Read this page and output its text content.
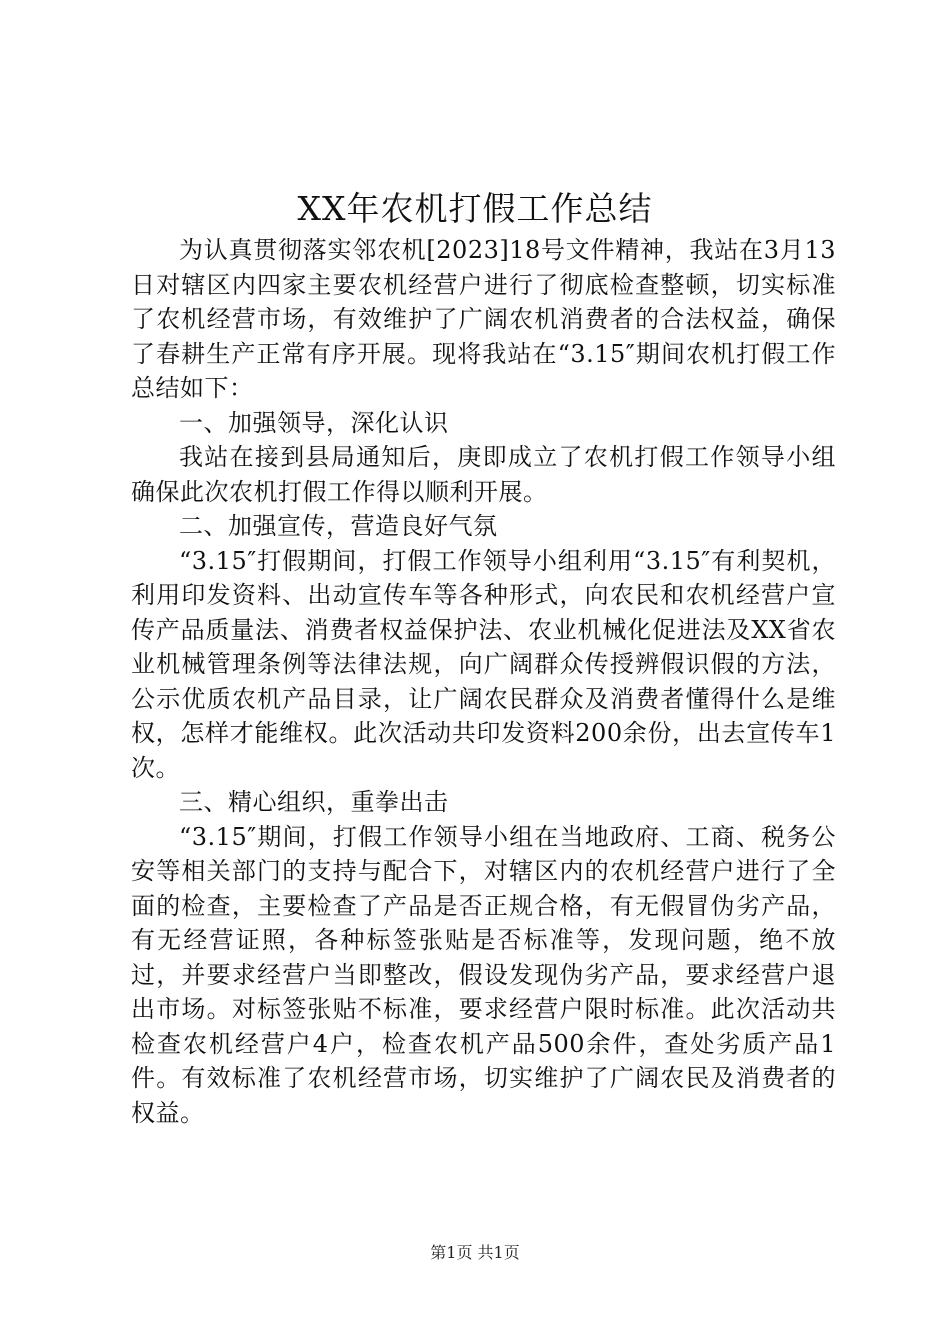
XX年农机打假工作总结

为认真贯彻落实邻农机[2023]18号文件精神，我站在3月13日对辖区内四家主要农机经营户进行了彻底检查整顿，切实标准了农机经营市场，有效维护了广阔农机消费者的合法权益，确保了春耕生产正常有序开展。现将我站在“3.15″期间农机打假工作总结如下：

一、加强领导，深化认识

我站在接到县局通知后，庚即成立了农机打假工作领导小组确保此次农机打假工作得以顺利开展。

二、加强宣传，营造良好气氛

“3.15″打假期间，打假工作领导小组利用“3.15″有利契机，利用印发资料、出动宣传车等各种形式，向农民和农机经营户宣传产品质量法、消费者权益保护法、农业机械化促进法及XX省农业机械管理条例等法律法规，向广阔群众传授辨假识假的方法，公示优质农机产品目录，让广阔农民群众及消费者懂得什么是维权，怎样才能维权。此次活动共印发资料200余份，出去宣传车1次。

三、精心组织，重拳出击

“3.15″期间，打假工作领导小组在当地政府、工商、税务公安等相关部门的支持与配合下，对辖区内的农机经营户进行了全面的检查，主要检查了产品是否正规合格，有无假冒伪劣产品，有无经营证照，各种标签张贴是否标准等，发现问题，绝不放过，并要求经营户当即整改，假设发现伪劣产品，要求经营户退出市场。对标签张贴不标准，要求经营户限时标准。此次活动共检查农机经营户4户，检查农机产品500余件，查处劣质产品1件。有效标准了农机经营市场，切实维护了广阔农民及消费者的权益。

第1页 共1页
